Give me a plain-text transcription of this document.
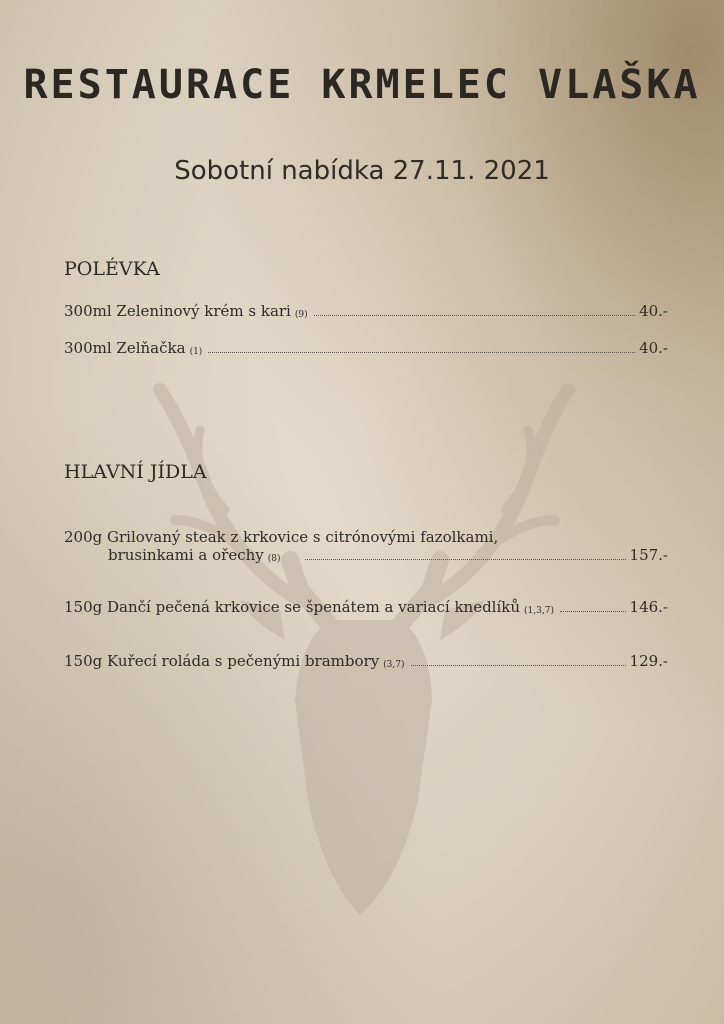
RESTAURACE KRMELEC VLAŠKA
Sobotní nabídka 27.11. 2021
POLÉVKA
300ml Zeleninový krém s kari (9)	40.-
300ml Zelňačka (1)	40.-
HLAVNÍ JÍDLA
200g Grilovaný steak z krkovice s citrónovými fazolkami,
brusinkami a ořechy (8)	157.-
150g Dančí pečená krkovice se špenátem a variací knedlíků (1,3,7)	146.-
150g Kuřecí roláda s pečenými brambory (3,7)	129.-
